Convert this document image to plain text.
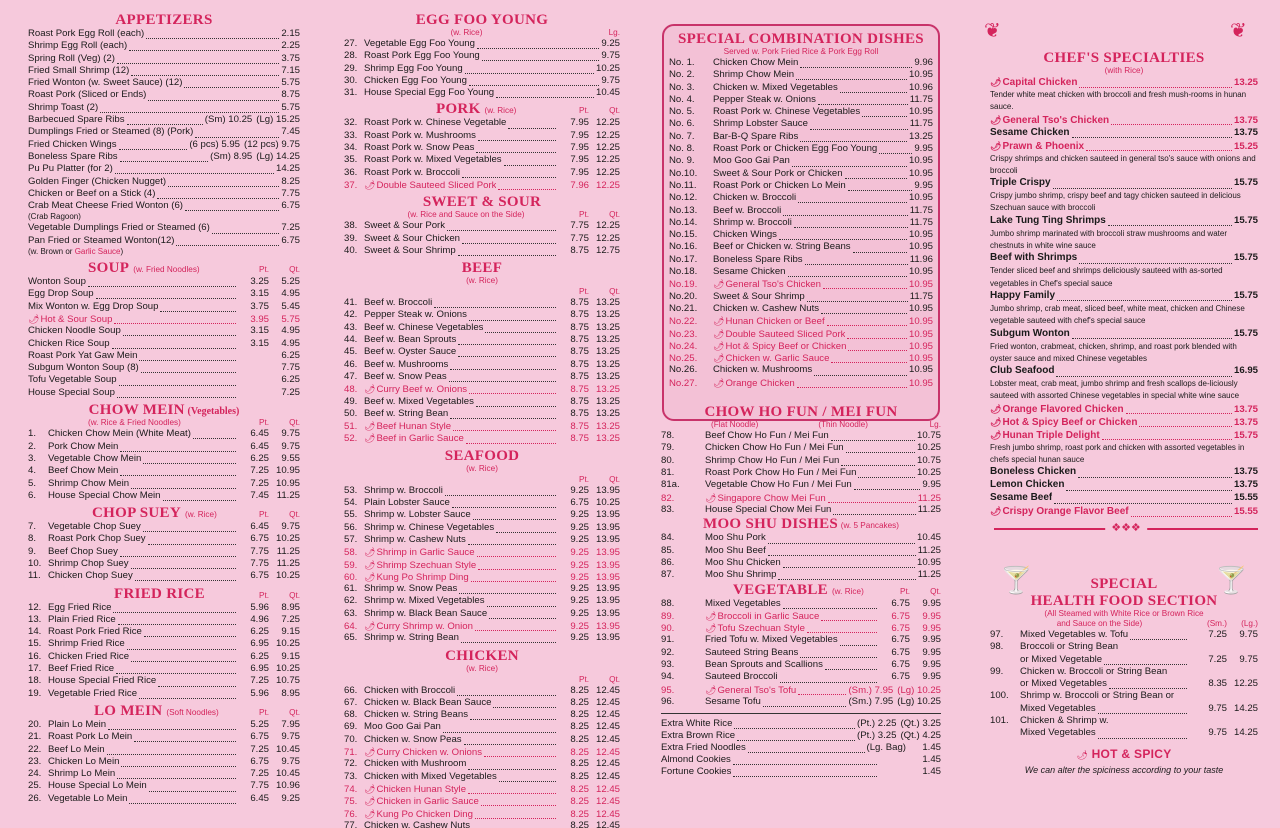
APPETIZERS
Roast Pork Egg Roll (each)	2.15
Shrimp Egg Roll (each)	2.25
Spring Roll (Veg) (2)	3.75
Fried Small Shrimp (12)	7.15
Fried Wonton (w. Sweet Sauce) (12)	5.75
Roast Pork (Sliced or Ends)	8.75
Shrimp Toast (2)	5.75
Barbecued Spare Ribs	(Sm) 10.25 (Lg) 15.25
Dumplings Fried or Steamed (8) (Pork)	7.45
Fried Chicken Wings	(6 pcs) 5.95 (12 pcs) 9.75
Boneless Spare Ribs	(Sm) 8.95 (Lg) 14.25
Pu Pu Platter (for 2)	14.25
Golden Finger (Chicken Nugget)	8.25
Chicken or Beef on a Stick (4)	7.75
Crab Meat Cheese Fried Wonton (6)	6.75
(Crab Ragoon)
Vegetable Dumplings Fried or Steamed (6)	7.25
Pan Fried or Steamed Wonton(12)	6.75
(w. Brown or Garlic Sauce)
SOUP (w. Fried Noodles)	Pt.	Qt.
Wonton Soup	3.25	5.25
Egg Drop Soup	3.15	4.95
Mix Wonton w. Egg Drop Soup	3.75	5.45
🌶Hot & Sour Soup	3.95	5.75
Chicken Noodle Soup	3.15	4.95
Chicken Rice Soup	3.15	4.95
Roast Pork Yat Gaw Mein	6.25
Subgum Wonton Soup (8)	7.75
Tofu Vegetable Soup	6.25
House Special Soup	7.25
CHOW MEIN (Vegetables)
(w. Rice & Fried Noodles)	Pt.	Qt.
1.	Chicken Chow Mein (White Meat)	6.45	9.75
2.	Pork Chow Mein	6.45	9.75
3.	Vegetable Chow Mein	6.25	9.55
4.	Beef Chow Mein	7.25 10.95
5.	Shrimp Chow Mein	7.25 10.95
6.	House Special Chow Mein	7.45 11.25
CHOP SUEY (w. Rice)	Pt.	Qt.
7.	Vegetable Chop Suey	6.45	9.75
8.	Roast Pork Chop Suey	6.75 10.25
9.	Beef Chop Suey	7.75 11.25
10. Shrimp Chop Suey	7.75 11.25
11. Chicken Chop Suey	6.75 10.25
FRIED RICE	Pt.	Qt.
12. Egg Fried Rice	5.96	8.95
13. Plain Fried Rice	4.96	7.25
14. Roast Pork Fried Rice	6.25	9.15
15. Shrimp Fried Rice	6.95 10.25
16. Chicken Fried Rice	6.25	9.15
17. Beef Fried Rice	6.95 10.25
18. House Special Fried Rice	7.25 10.75
19. Vegetable Fried Rice	5.96	8.95
LO MEIN (Soft Noodles)	Pt.	Qt.
20. Plain Lo Mein	5.25	7.95
21. Roast Pork Lo Mein	6.75	9.75
22. Beef Lo Mein	7.25 10.45
23. Chicken Lo Mein	6.75	9.75
24. Shrimp Lo Mein	7.25 10.45
25. House Special Lo Mein	7.75 10.96
26. Vegetable Lo Mein	6.45	9.25
EGG FOO YOUNG
(w. Rice)	Lg.
27. Vegetable Egg Foo Young	9.25
28. Roast Pork Egg Foo Young	9.75
29. Shrimp Egg Foo Young	10.25
30. Chicken Egg Foo Young	9.75
31. House Special Egg Foo Young	10.45
PORK (w. Rice)	Pt.	Qt.
32. Roast Pork w. Chinese Vegetable	7.95 12.25
33. Roast Pork w. Mushrooms	7.95 12.25
34. Roast Pork w. Snow Peas	7.95 12.25
35. Roast Pork w. Mixed Vegetables	7.95 12.25
36. Roast Pork w. Broccoli	7.95 12.25
37. 🌶Double Sauteed Sliced Pork	7.96 12.25
SWEET & SOUR
(w. Rice and Sauce on the Side)	Pt.	Qt.
38. Sweet & Sour Pork	7.75 12.25
39. Sweet & Sour Chicken	7.75 12.25
40. Sweet & Sour Shrimp	8.75 12.75
BEEF
(w. Rice)
Pt.	Qt.
41. Beef w. Broccoli	8.75 13.25
42. Pepper Steak w. Onions	8.75 13.25
43. Beef w. Chinese Vegetables	8.75 13.25
44. Beef w. Bean Sprouts	8.75 13.25
45. Beef w. Oyster Sauce	8.75 13.25
46. Beef w. Mushrooms	8.75 13.25
47. Beef w. Snow Peas	8.75 13.25
48. 🌶Curry Beef w. Onions	8.75 13.25
49. Beef w. Mixed Vegetables	8.75 13.25
50. Beef w. String Bean	8.75 13.25
51. 🌶Beef Hunan Style	8.75 13.25
52. 🌶Beef in Garlic Sauce	8.75 13.25
SEAFOOD
(w. Rice)
Pt.	Qt.
53. Shrimp w. Broccoli	9.25 13.95
54. Plain Lobster Sauce	6.75 10.25
55. Shrimp w. Lobster Sauce	9.25 13.95
56. Shrimp w. Chinese Vegetables	9.25 13.95
57. Shrimp w. Cashew Nuts	9.25 13.95
58. 🌶Shrimp in Garlic Sauce	9.25 13.95
59. 🌶Shrimp Szechuan Style	9.25 13.95
60. 🌶Kung Po Shrimp Ding	9.25 13.95
61. Shrimp w. Snow Peas	9.25 13.95
62. Shrimp w. Mixed Vegetables	9.25 13.95
63. Shrimp w. Black Bean Sauce	9.25 13.95
64. 🌶Curry Shrimp w. Onion	9.25 13.95
65. Shrimp w. String Bean	9.25 13.95
CHICKEN
(w. Rice)
Pt.	Qt.
66. Chicken with Broccoli	8.25 12.45
67. Chicken w. Black Bean Sauce	8.25 12.45
68. Chicken w. String Beans	8.25 12.45
69. Moo Goo Gai Pan	8.25 12.45
70. Chicken w. Snow Peas	8.25 12.45
71. 🌶Curry Chicken w. Onions	8.25 12.45
72. Chicken with Mushroom	8.25 12.45
73. Chicken with Mixed Vegetables	8.25 12.45
74. 🌶Chicken Hunan Style	8.25 12.45
75. 🌶Chicken in Garlic Sauce	8.25 12.45
76. 🌶Kung Po Chicken Ding	8.25 12.45
77. Chicken w. Cashew Nuts	8.25 12.45
SPECIAL COMBINATION DISHES
Served w. Pork Fried Rice & Pork Egg Roll
No. 1.	Chicken Chow Mein	9.96
No. 2.	Shrimp Chow Mein	10.95
No. 3.	Chicken w. Mixed Vegetables	10.96
No. 4.	Pepper Steak w. Onions	11.75
No. 5.	Roast Pork w. Chinese Vegetables	10.95
No. 6.	Shrimp Lobster Sauce	11.75
No. 7.	Bar-B-Q Spare Ribs	13.25
No. 8.	Roast Pork or Chicken Egg Foo Young	9.95
No. 9.	Moo Goo Gai Pan	10.95
No.10.	Sweet & Sour Pork or Chicken	10.95
No.11.	Roast Pork or Chicken Lo Mein	9.95
No.12.	Chicken w. Broccoli	10.95
No.13.	Beef w. Broccoli	11.75
No.14.	Shrimp w. Broccoli	11.75
No.15.	Chicken Wings	10.95
No.16.	Beef or Chicken w. String Beans	10.95
No.17.	Boneless Spare Ribs	11.96
No.18.	Sesame Chicken	10.95
No.19.	🌶General Tso's Chicken	10.95
No.20.	Sweet & Sour Shrimp	11.75
No.21.	Chicken w. Cashew Nuts	10.95
No.22.	🌶Hunan Chicken or Beef	10.95
No.23.	🌶Double Sauteed Sliced Pork	10.95
No.24.	🌶Hot & Spicy Beef or Chicken	10.95
No.25.	🌶Chicken w. Garlic Sauce	10.95
No.26.	Chicken w. Mushrooms	10.95
No.27.	🌶Orange Chicken	10.95
CHOW HO FUN / MEI FUN
(Flat Noodle)	(Thin Noodle)	Lg.
78.	Beef Chow Ho Fun / Mei Fun	10.75
79.	Chicken Chow Ho Fun / Mei Fun	10.25
80.	Shrimp Chow Ho Fun / Mei Fun	10.75
81.	Roast Pork Chow Ho Fun / Mei Fun	10.25
81a.	Vegetable Chow Ho Fun / Mei Fun	9.95
82.	🌶Singapore Chow Mei Fun	11.25
83.	House Special Chow Mei Fun	11.25
MOO SHU DISHES (w. 5 Pancakes)
84.	Moo Shu Pork	10.45
85.	Moo Shu Beef	11.25
86.	Moo Shu Chicken	10.95
87.	Moo Shu Shrimp	11.25
VEGETABLE (w. Rice)	Pt.	Qt.
88.	Mixed Vegetables	6.75	9.95
89.	🌶Broccoli in Garlic Sauce	6.75	9.95
90.	🌶Tofu Szechuan Style	6.75	9.95
91.	Fried Tofu w. Mixed Vegetables	6.75	9.95
92.	Sauteed String Beans	6.75	9.95
93.	Bean Sprouts and Scallions	6.75	9.95
94.	Sauteed Broccoli	6.75	9.95
95.	🌶General Tso's Tofu	(Sm.) 7.95 (Lg) 10.25
96.	Sesame Tofu	(Sm.) 7.95 (Lg) 10.25
Extra White Rice	(Pt.) 2.25 (Qt.) 3.25
Extra Brown Rice	(Pt.) 3.25 (Qt.) 4.25
Extra Fried Noodles	(Lg. Bag)	1.45
Almond Cookies	1.45
Fortune Cookies	1.45
❦	❦
CHEF'S SPECIALTIES
(with Rice)
🌶Capital Chicken	13.25
Tender white meat chicken with broccoli and fresh mush-rooms in hunan sauce.
🌶General Tso's Chicken	13.75
Sesame Chicken	13.75
🌶Prawn & Phoenix	15.25
Crispy shrimps and chicken sauteed in general tso's sauce with onions and broccoli
Triple Crispy	15.75
Crispy jumbo shrimp, crispy beef and tagy chicken sauteed in delicious Szechuan sauce with broccoli
Lake Tung Ting Shrimps	15.75
Jumbo shrimp marinated with broccoli straw mushrooms and water chestnuts in white wine sauce
Beef with Shrimps	15.75
Tender sliced beef and shrimps deliciously sauteed with as-sorted vegetables in Chef's special sauce
Happy Family	15.75
Jumbo shrimp, crab meat, sliced beef, white meat, chicken and Chinese vegetable sauteed with chef's special sauce
Subgum Wonton	15.75
Fried wonton, crabmeat, chicken, shrimp, and roast pork blended with oyster sauce and mixed Chinese vegetables
Club Seafood	16.95
Lobster meat, crab meat, jumbo shrimp and fresh scallops de-liciously sauteed with assorted Chinese vegetables in special white wine sauce
🌶Orange Flavored Chicken	13.75
🌶Hot & Spicy Beef or Chicken	13.75
🌶Hunan Triple Delight	15.75
Fresh jumbo shrimp, roast pork and chicken with assorted vegetables in chefs special hunan sauce
Boneless Chicken	13.75
Lemon Chicken	13.75
Sesame Beef	15.55
🌶Crispy Orange Flavor Beef	15.55
❖❖❖
🍸	🍸
SPECIAL
HEALTH FOOD SECTION
(All Steamed with White Rice or Brown Rice
and Sauce on the Side)	(Sm.)	(Lg.)
97.	Mixed Vegetables w. Tofu	7.25	9.75
98.	Broccoli or String Bean
or Mixed Vegetable	7.25	9.75
99.	Chicken w. Broccoli or String Bean
or Mixed Vegetables	8.35 12.25
100.	Shrimp w. Broccoli or String Bean or
Mixed Vegetables	9.75 14.25
101.	Chicken & Shrimp w.
Mixed Vegetables	9.75 14.25
🌶 HOT & SPICY
We can alter the spiciness according to your taste
